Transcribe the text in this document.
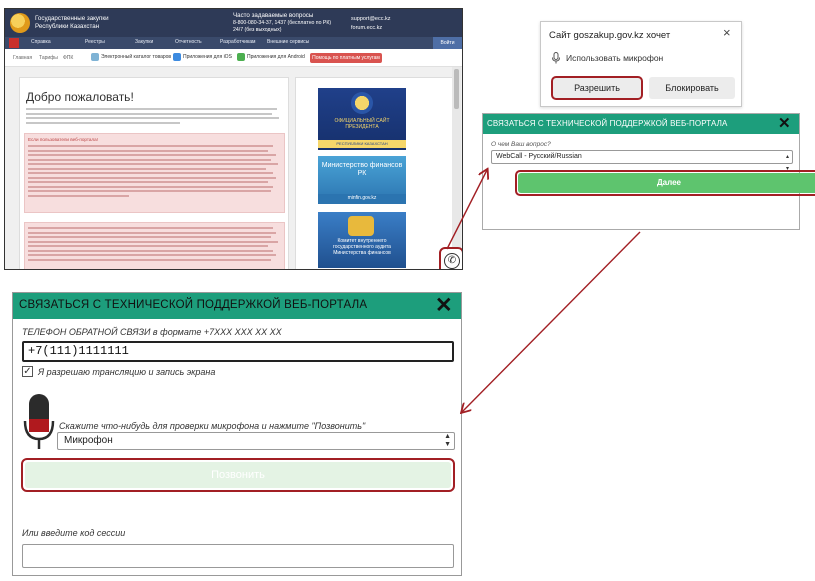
Государственные закупки
Республики Казахстан
Часто задаваемые вопросы
8-800-080-34-37, 1437 (бесплатно по РК)
24/7 (без выходных)
support@ecc.kz
forum.ecc.kz
Справка	Реестры	Закупки	Отчетность	Разработчикам Внешние сервисы	Войти
Главная Тарифы ФПК	Электронный каталог товаров Приложения для iOS	Приложения для Android	Помощь по платным услугам
Добро пожаловать!
Если пользователи веб-портала!
ОФИЦИАЛЬНЫЙ САЙТ ПРЕЗИДЕНТА
РЕСПУБЛИКИ КАЗАХСТАН
Министерство финансов РК
minfin.gov.kz
Комитет внутреннего государственного аудита Министерства финансов
✆
Сайт goszakup.gov.kz хочет	×
Использовать микрофон
Разрешить	Блокировать
СВЯЗАТЬСЯ С ТЕХНИЧЕСКОЙ ПОДДЕРЖКОЙ ВЕБ-ПОРТАЛА	✕
О чем Ваш вопрос?
WebCall - Русский/Russian	▴
▾
Далее
СВЯЗАТЬСЯ С ТЕХНИЧЕСКОЙ ПОДДЕРЖКОЙ ВЕБ-ПОРТАЛА	✕
ТЕЛЕФОН ОБРАТНОЙ СВЯЗИ в формате +7XXX XXX XX XX
+7(111)1111111
✓ Я разрешаю трансляцию и запись экрана
Скажите что-нибудь для проверки микрофона и нажмите "Позвонить"
Микрофон	▲
▼
Позвонить
Или введите код сессии
